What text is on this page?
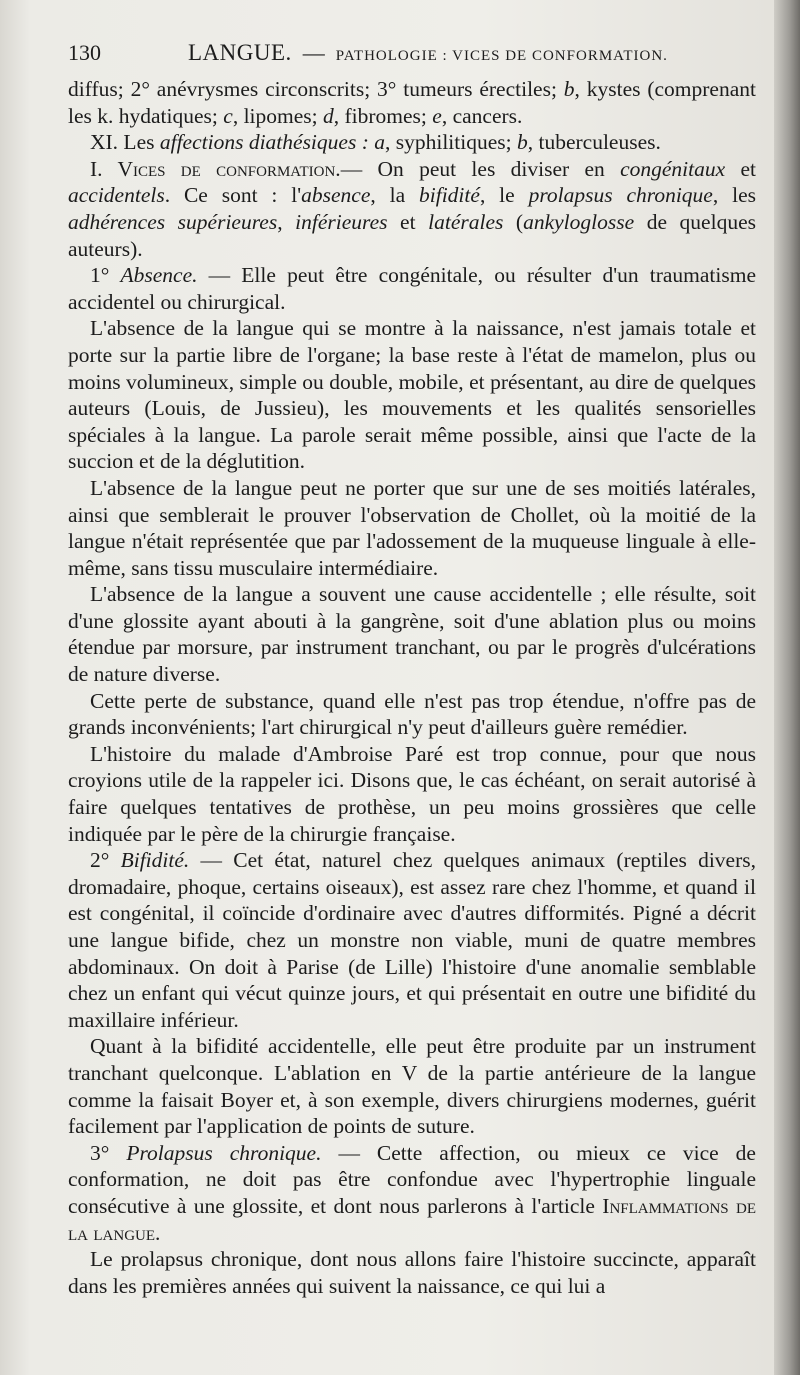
130	LANGUE.
—
PATHOLOGIE : VICES DE CONFORMATION.

diffus; 2° anévrysmes circonscrits; 3° tumeurs érectiles; b, kystes (comprenant les k. hydatiques; c, lipomes; d, fibromes; e, cancers.

XI. Les affections diathésiques : a, syphilitiques; b, tuberculeuses.

I. Vices de conformation.— On peut les diviser en congénitaux et accidentels. Ce sont : l'absence, la bifidité, le prolapsus chronique, les adhérences supérieures, inférieures et latérales (ankyloglosse de quelques auteurs).

1° Absence. — Elle peut être congénitale, ou résulter d'un traumatisme accidentel ou chirurgical.

L'absence de la langue qui se montre à la naissance, n'est jamais totale et porte sur la partie libre de l'organe; la base reste à l'état de mamelon, plus ou moins volumineux, simple ou double, mobile, et présentant, au dire de quelques auteurs (Louis, de Jussieu), les mouvements et les qualités sensorielles spéciales à la langue. La parole serait même possible, ainsi que l'acte de la succion et de la déglutition.

L'absence de la langue peut ne porter que sur une de ses moitiés latérales, ainsi que semblerait le prouver l'observation de Chollet, où la moitié de la langue n'était représentée que par l'adossement de la muqueuse linguale à elle-même, sans tissu musculaire intermédiaire.

L'absence de la langue a souvent une cause accidentelle ; elle résulte, soit d'une glossite ayant abouti à la gangrène, soit d'une ablation plus ou moins étendue par morsure, par instrument tranchant, ou par le progrès d'ulcérations de nature diverse.

Cette perte de substance, quand elle n'est pas trop étendue, n'offre pas de grands inconvénients; l'art chirurgical n'y peut d'ailleurs guère remédier.

L'histoire du malade d'Ambroise Paré est trop connue, pour que nous croyions utile de la rappeler ici. Disons que, le cas échéant, on serait autorisé à faire quelques tentatives de prothèse, un peu moins grossières que celle indiquée par le père de la chirurgie française.

2° Bifidité. — Cet état, naturel chez quelques animaux (reptiles divers, dromadaire, phoque, certains oiseaux), est assez rare chez l'homme, et quand il est congénital, il coïncide d'ordinaire avec d'autres difformités. Pigné a décrit une langue bifide, chez un monstre non viable, muni de quatre membres abdominaux. On doit à Parise (de Lille) l'histoire d'une anomalie semblable chez un enfant qui vécut quinze jours, et qui présentait en outre une bifidité du maxillaire inférieur.

Quant à la bifidité accidentelle, elle peut être produite par un instrument tranchant quelconque. L'ablation en V de la partie antérieure de la langue comme la faisait Boyer et, à son exemple, divers chirurgiens modernes, guérit facilement par l'application de points de suture.

3° Prolapsus chronique. — Cette affection, ou mieux ce vice de conformation, ne doit pas être confondue avec l'hypertrophie linguale consécutive à une glossite, et dont nous parlerons à l'article Inflammations de la langue.

Le prolapsus chronique, dont nous allons faire l'histoire succincte, apparaît dans les premières années qui suivent la naissance, ce qui lui a
